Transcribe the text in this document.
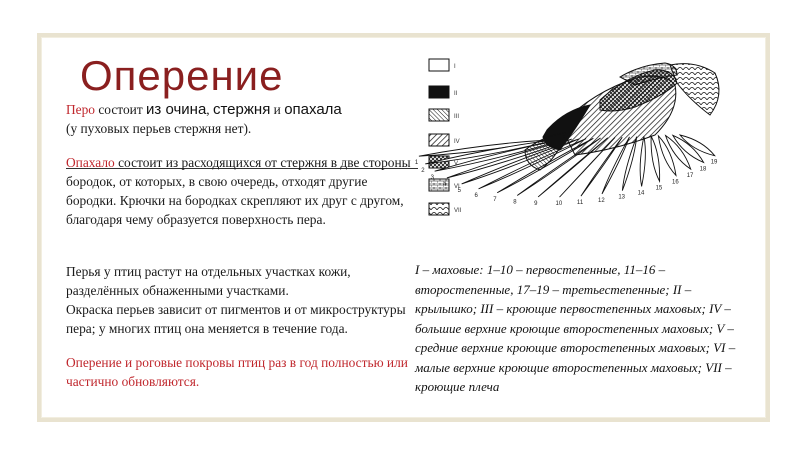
Оперение
Перо состоит из очина, стержня и опахала
(у пуховых перьев стержня нет).
Опахало состоит из расходящихся от стержня в две стороны бородок, от которых, в свою очередь, отходят другие бородки. Крючки на бородках скрепляют их друг с другом, благодаря чему образуется поверхность пера.
Перья у птиц растут на отдельных участках кожи, разделённых обнаженными участками.
Окраска перьев зависит от пигментов и от микроструктуры пера; у многих птиц она меняется в течение года.
Оперение и роговые покровы птиц раз в год полностью или частично обновляются.
I
II
III
IV
V
VI
VII
1
2
3
4
5
6
7	8	9	10 11 12
13
14
15
16
17
18
19
I – маховые: 1–10 – первостепенные, 11–16 – второстепенные, 17–19 – третьестепенные; II – крылышко; III – кроющие первостепенных маховых; IV – большие верхние кроющие второстепенных маховых; V – средние верхние кроющие второстепенных маховых; VI – малые верхние кроющие второстепенных маховых; VII – кроющие плеча
